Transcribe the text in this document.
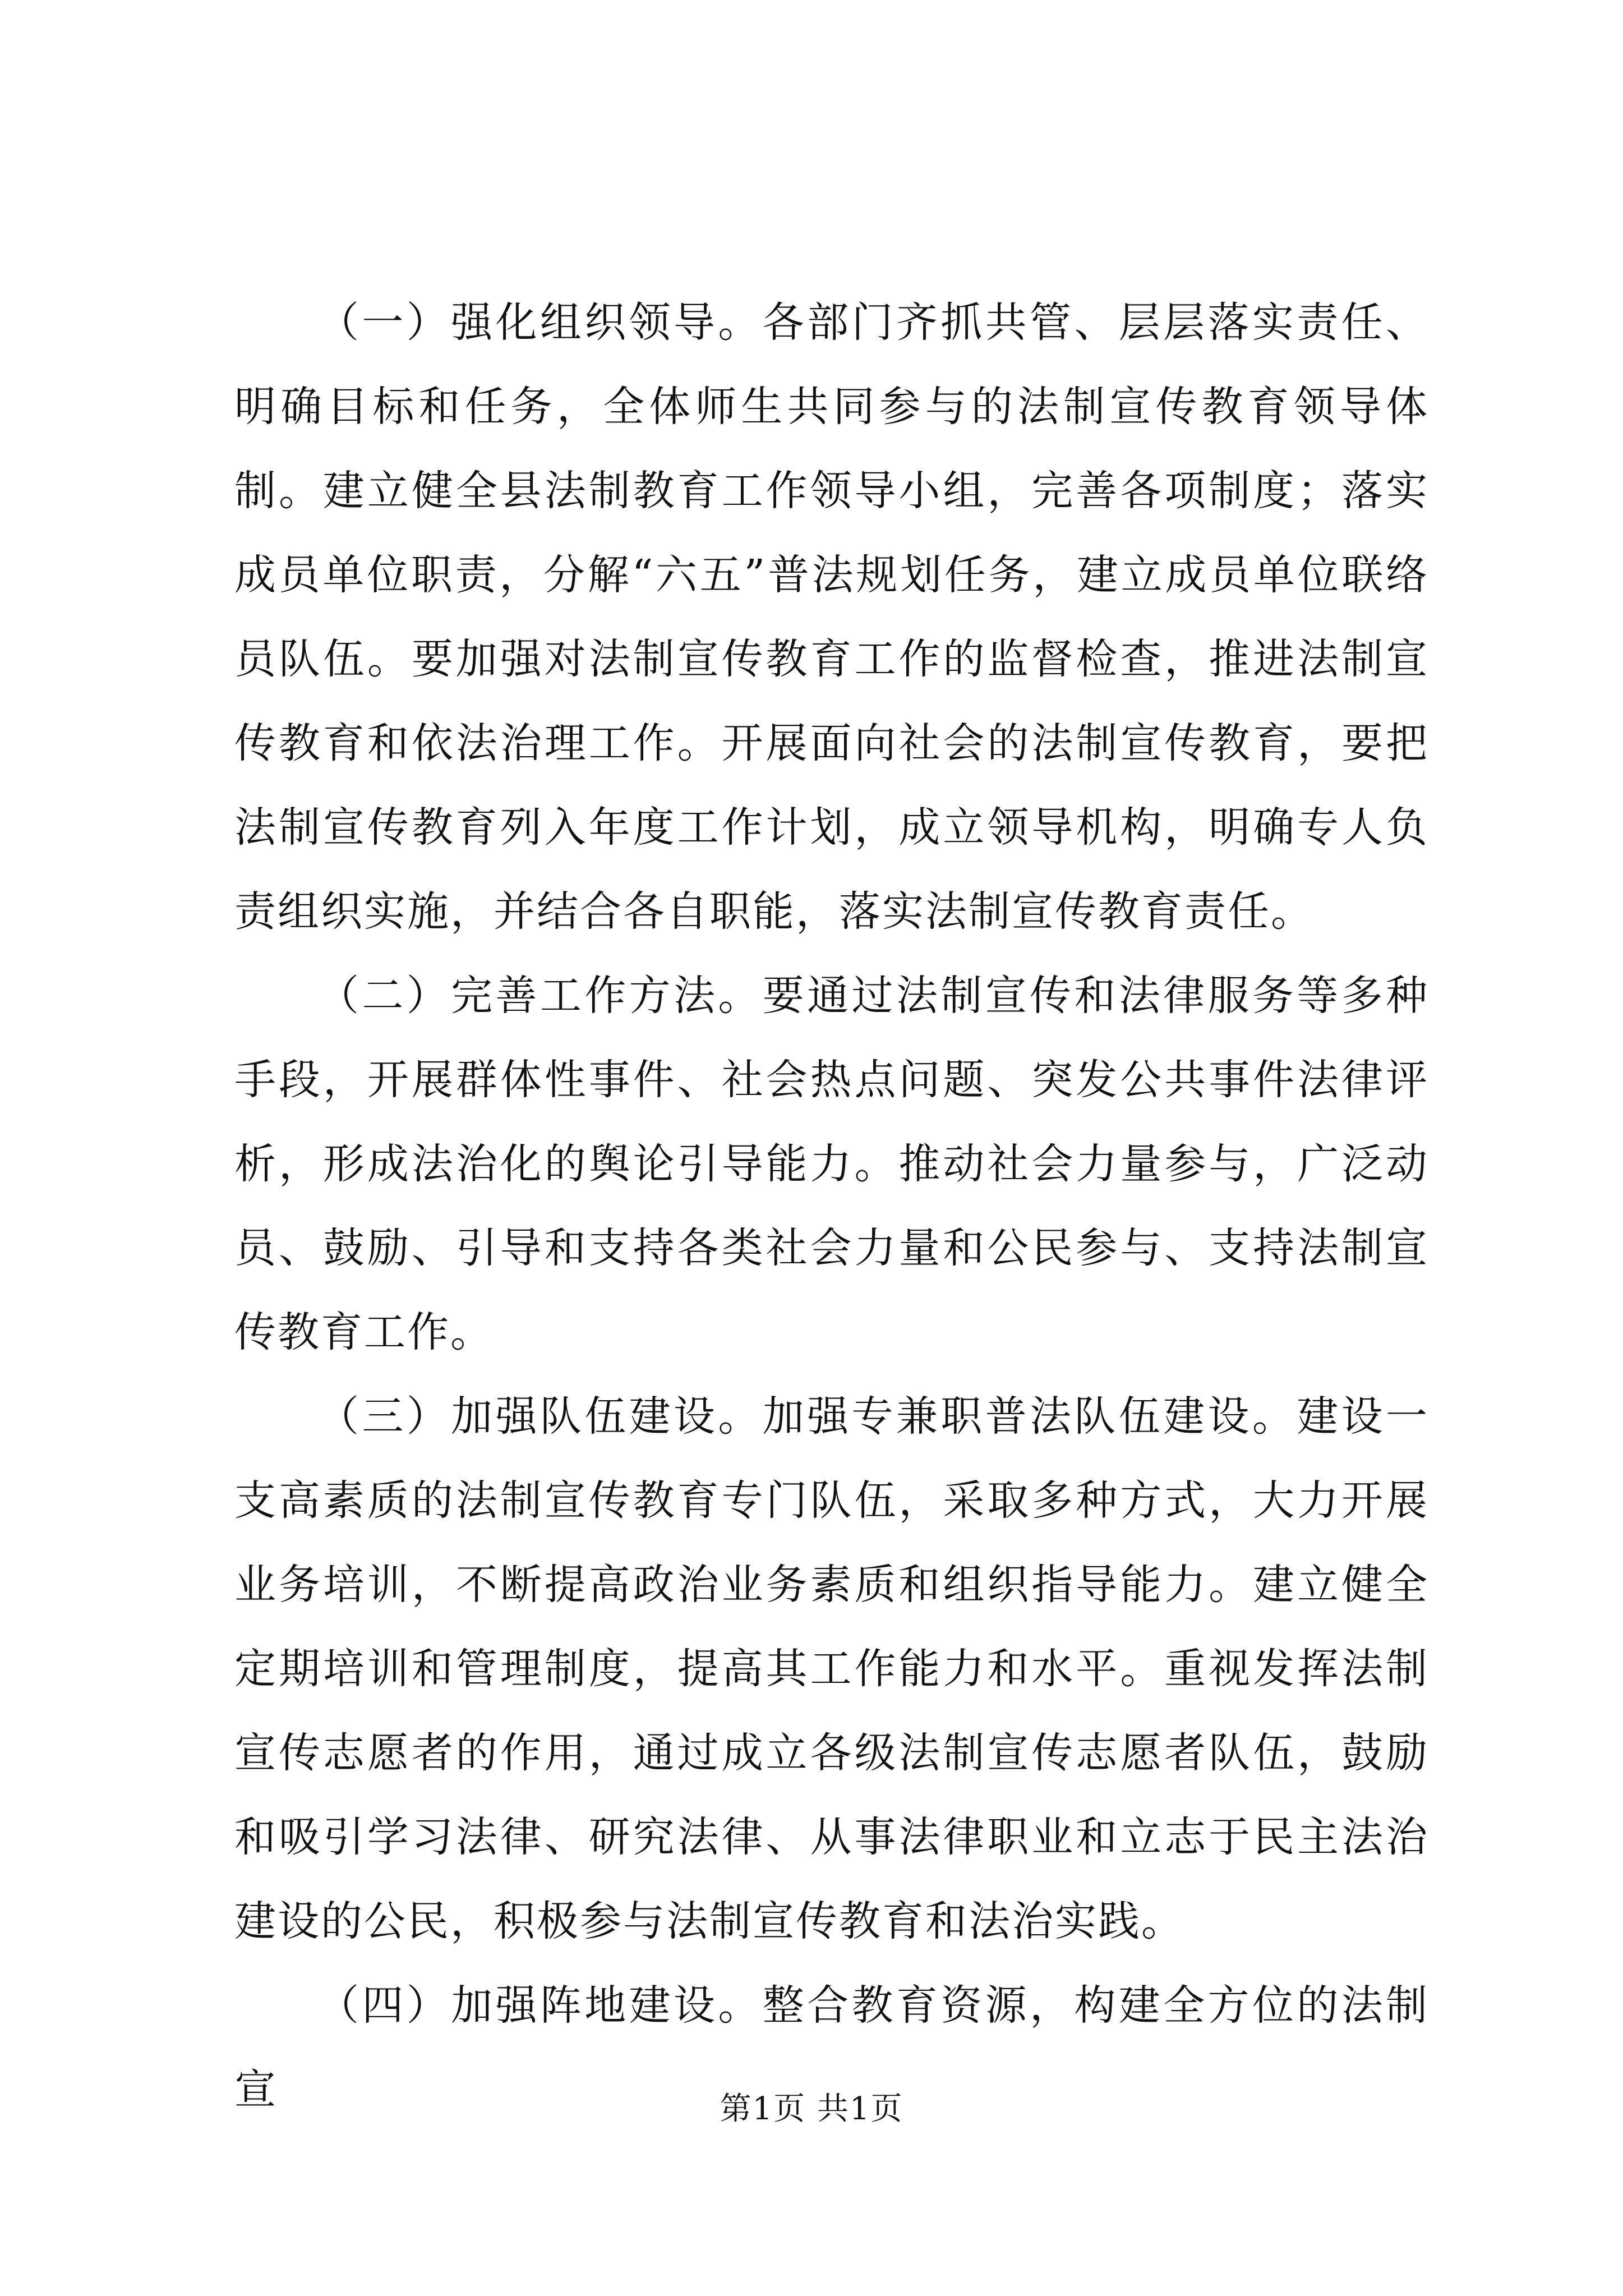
（一）强化组织领导。各部门齐抓共管、层层落实责任、明确目标和任务，全体师生共同参与的法制宣传教育领导体制。建立健全县法制教育工作领导小组，完善各项制度；落实成员单位职责，分解“六五”普法规划任务，建立成员单位联络员队伍。要加强对法制宣传教育工作的监督检查，推进法制宣传教育和依法治理工作。开展面向社会的法制宣传教育，要把法制宣传教育列入年度工作计划，成立领导机构，明确专人负责组织实施，并结合各自职能，落实法制宣传教育责任。

（二）完善工作方法。要通过法制宣传和法律服务等多种手段，开展群体性事件、社会热点问题、突发公共事件法律评析，形成法治化的舆论引导能力。推动社会力量参与，广泛动员、鼓励、引导和支持各类社会力量和公民参与、支持法制宣传教育工作。

（三）加强队伍建设。加强专兼职普法队伍建设。建设一支高素质的法制宣传教育专门队伍，采取多种方式，大力开展业务培训，不断提高政治业务素质和组织指导能力。建立健全定期培训和管理制度，提高其工作能力和水平。重视发挥法制宣传志愿者的作用，通过成立各级法制宣传志愿者队伍，鼓励和吸引学习法律、研究法律、从事法律职业和立志于民主法治建设的公民，积极参与法制宣传教育和法治实践。

（四）加强阵地建设。整合教育资源，构建全方位的法制宣	第1页 共1页
